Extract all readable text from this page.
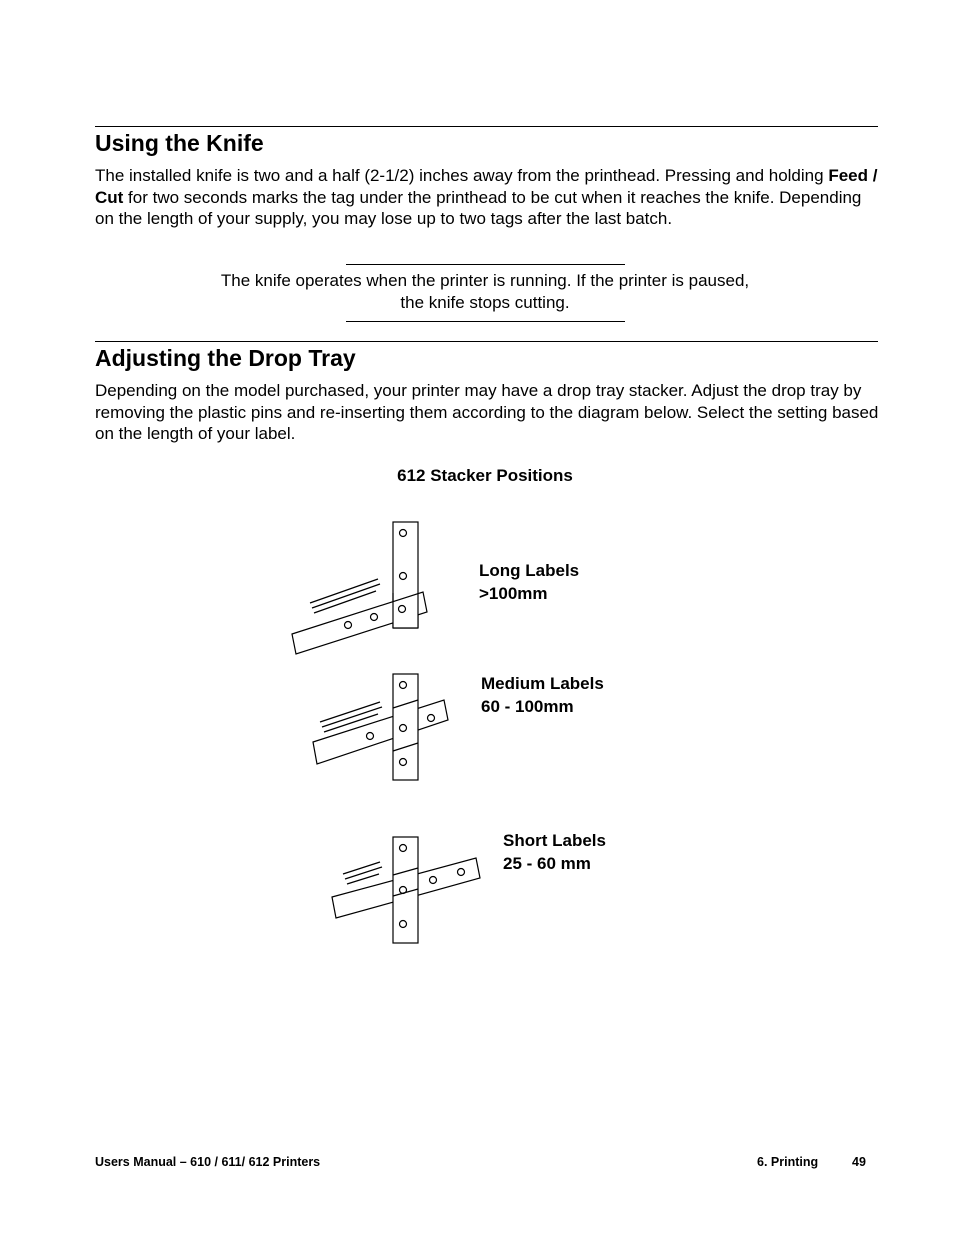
Using the Knife

The installed knife is two and a half (2-1/2) inches away from the printhead. Pressing and holding Feed / Cut for two seconds marks the tag under the printhead to be cut when it reaches the knife. Depending on the length of your supply, you may lose up to two tags after the last batch.

The knife operates when the printer is running. If the printer is paused,
the knife stops cutting.

Adjusting the Drop Tray

Depending on the model purchased, your printer may have a drop tray stacker. Adjust the drop tray by removing the plastic pins and re-inserting them according to the diagram below. Select the setting based on the length of your label.

612 Stacker Positions
Long Labels
>100mm
Medium Labels
60 - 100mm
Short Labels
25 - 60 mm
Users Manual – 610 / 611/ 612 Printers	6. Printing	49
